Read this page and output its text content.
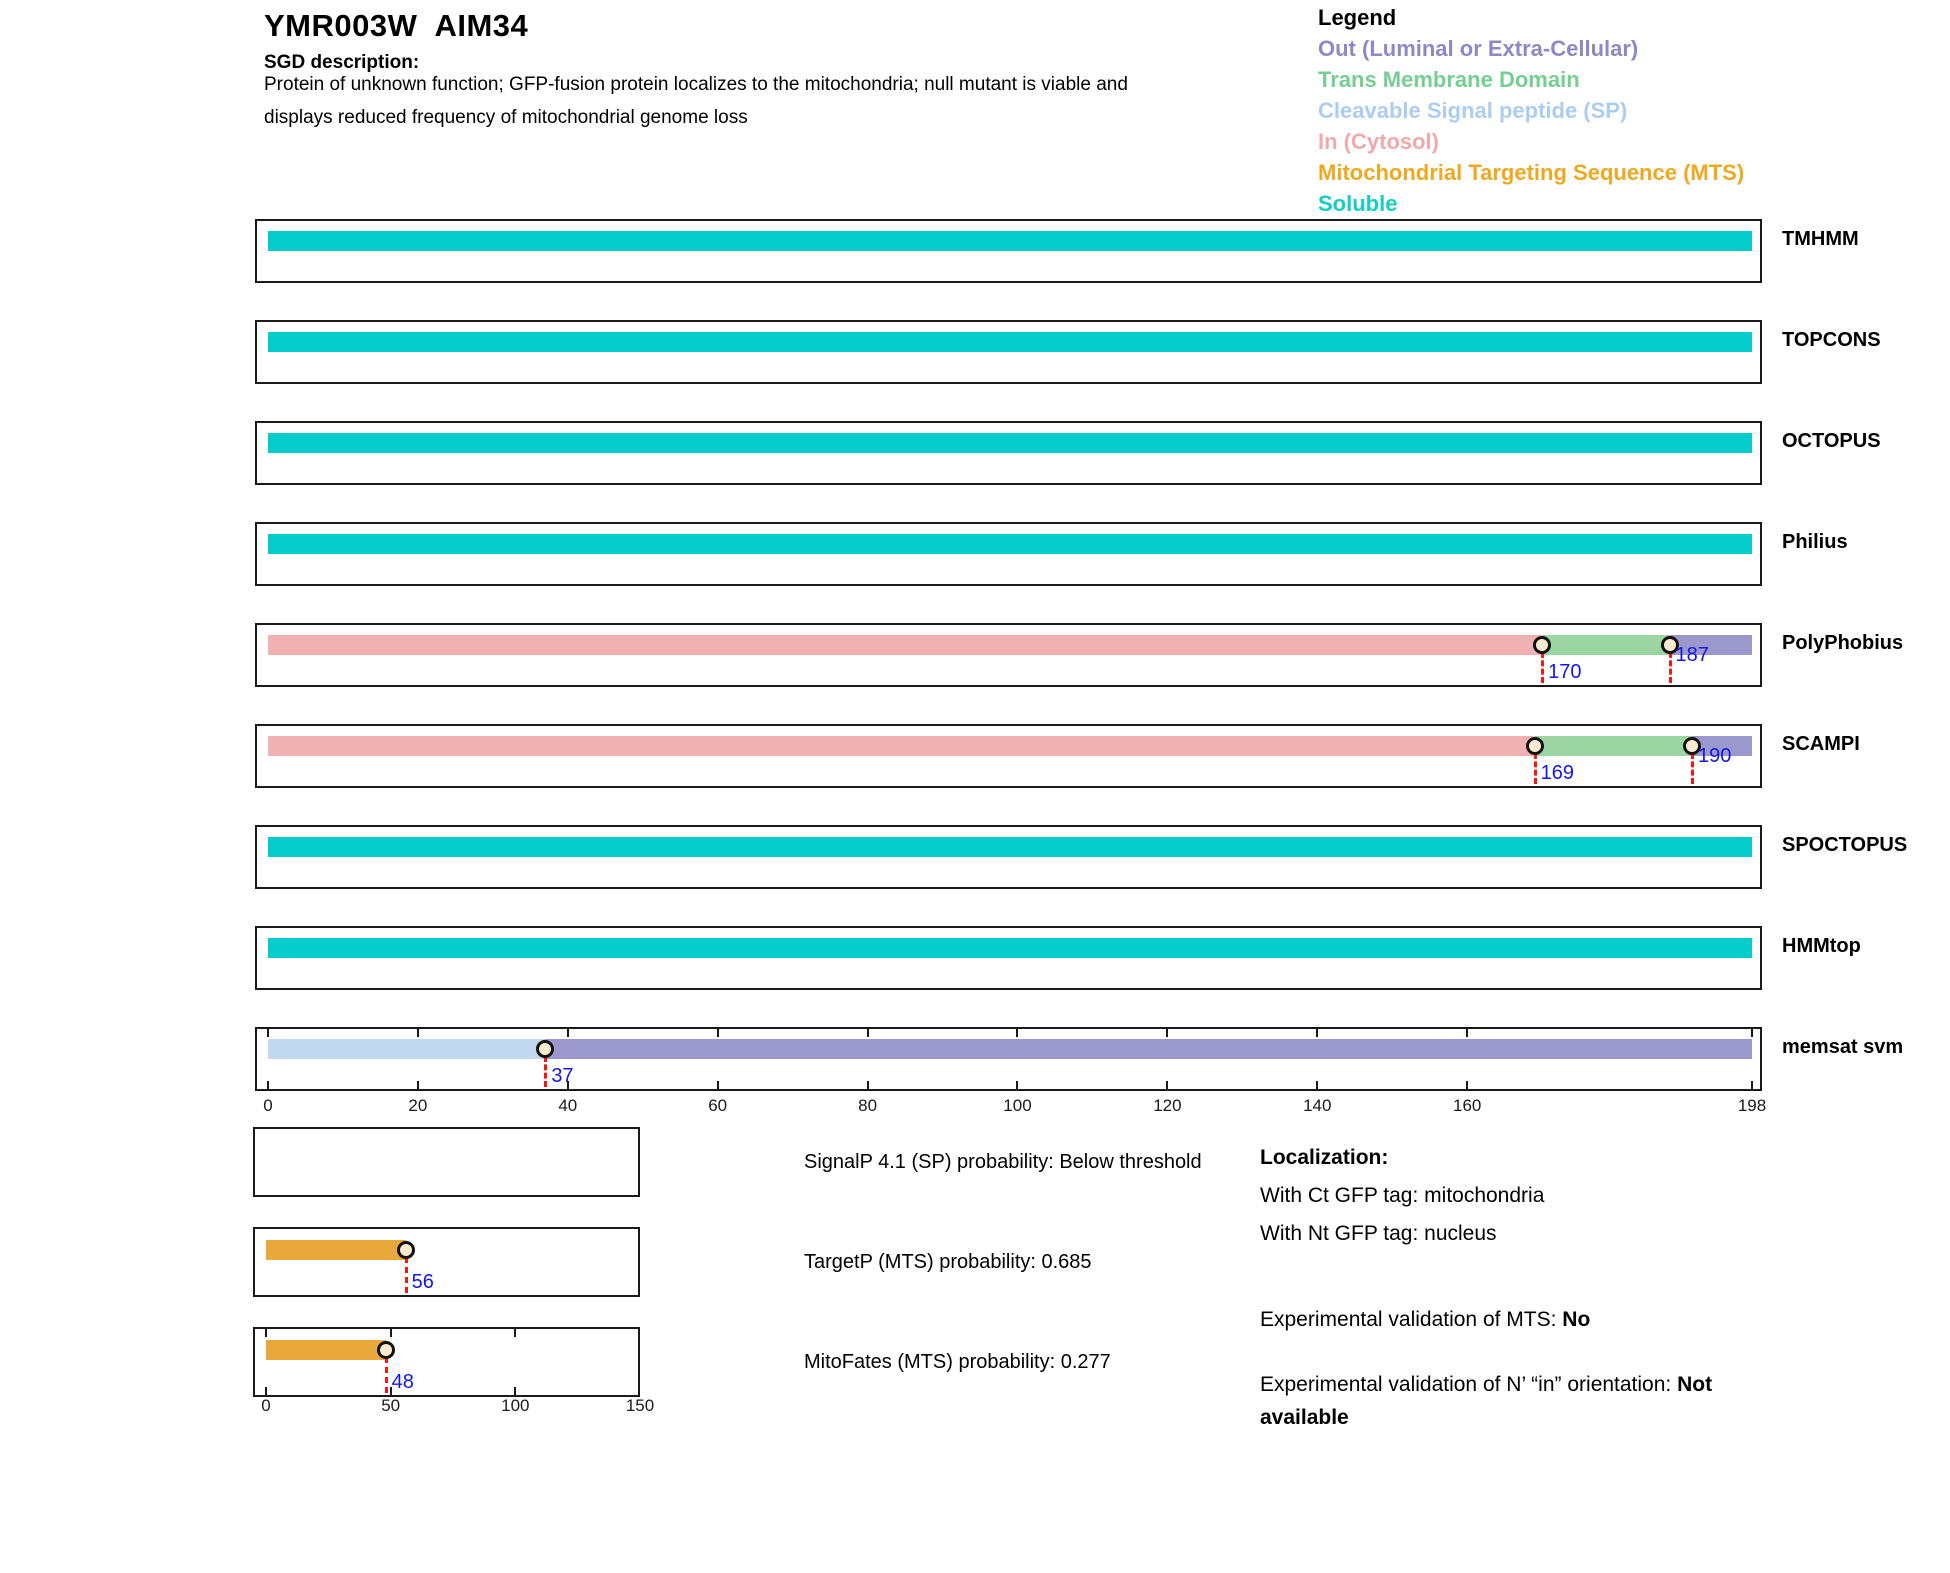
YMR003W  AIM34
SGD description:
Protein of unknown function; GFP-fusion protein localizes to the mitochondria; null mutant is viable and
displays reduced frequency of mitochondrial genome loss
Legend
Out (Luminal or Extra-Cellular)
Trans Membrane Domain
Cleavable Signal peptide (SP)
In (Cytosol)
Mitochondrial Targeting Sequence (MTS)
Soluble
TMHMM
TOPCONS
OCTOPUS
Philius
170
187
PolyPhobius
169
190
SCAMPI
SPOCTOPUS
HMMtop
37
memsat svm
0	20	40	60	80	100	120	140	160	198
56
48
0	50	100	150
SignalP 4.1 (SP) probability: Below threshold
TargetP (MTS) probability: 0.685
MitoFates (MTS) probability: 0.277
Localization:
With Ct GFP tag: mitochondria
With Nt GFP tag: nucleus
Experimental validation of MTS: No
Experimental validation of N’ “in” orientation: Not available
